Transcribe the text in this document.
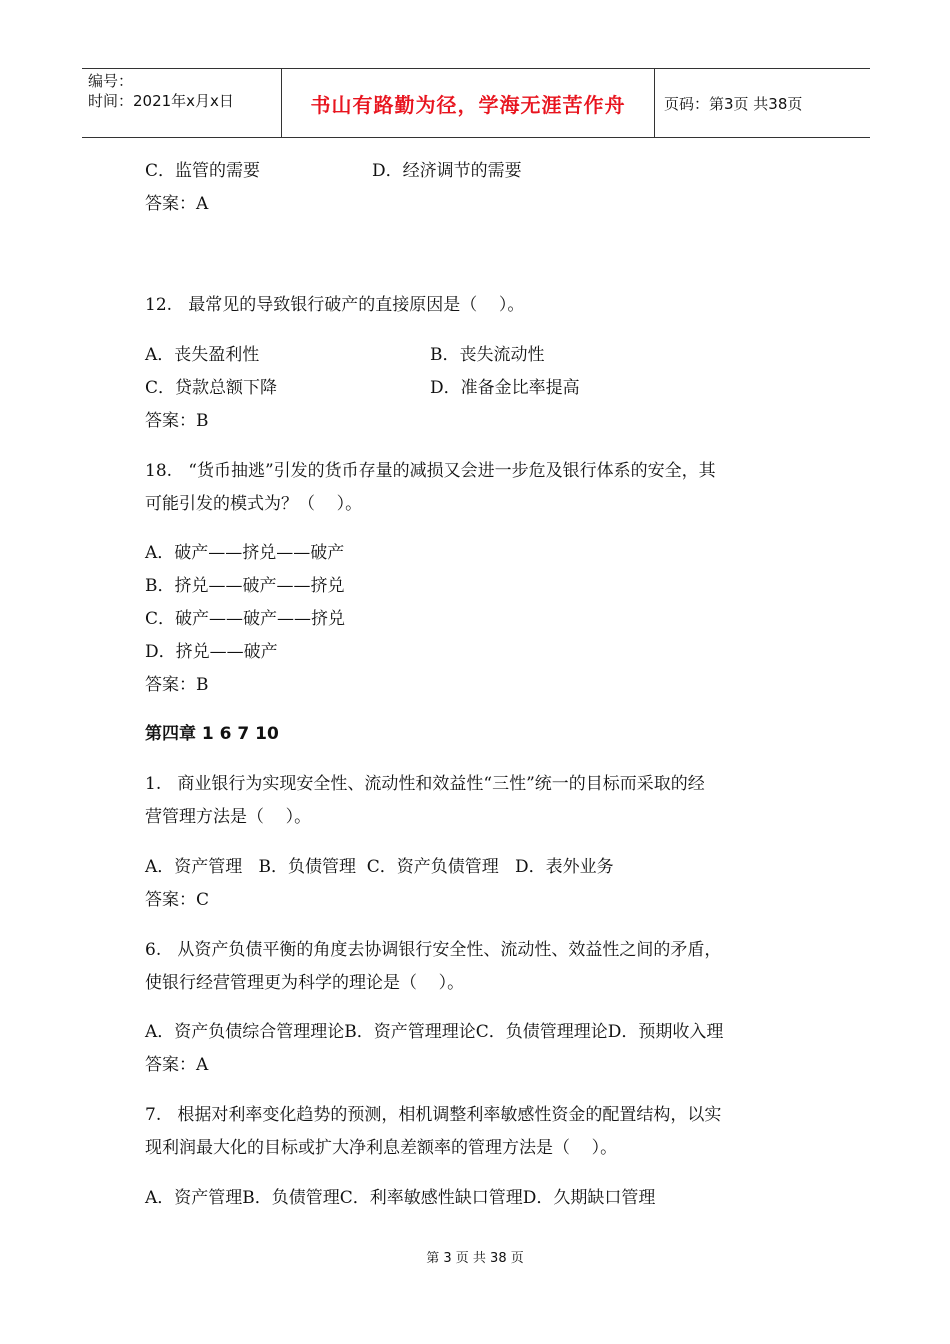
编号：
时间：2021年x月x日	书山有路勤为径，学海无涯苦作舟	页码：第3页 共38页
C．监管的需要	D．经济调节的需要
答案：A
12.   最常见的导致银行破产的直接原因是（    ）。
A．丧失盈利性	B．丧失流动性
C．贷款总额下降	D．准备金比率提高
答案：B
18.   “货币抽逃”引发的货币存量的减损又会进一步危及银行体系的安全，其
可能引发的模式为？（    ）。
A．破产——挤兑——破产
B．挤兑——破产——挤兑
C．破产——破产——挤兑
D．挤兑——破产
答案：B
第四章 1 6 7 10
1.   商业银行为实现安全性、流动性和效益性“三性”统一的目标而采取的经
营管理方法是（    ）。
A．资产管理   B．负债管理  C．资产负债管理   D．表外业务
答案：C
6.   从资产负债平衡的角度去协调银行安全性、流动性、效益性之间的矛盾，
使银行经营管理更为科学的理论是（    ）。
A．资产负债综合管理理论B．资产管理理论C．负债管理理论D．预期收入理
答案：A
7.   根据对利率变化趋势的预测，相机调整利率敏感性资金的配置结构，以实
现利润最大化的目标或扩大净利息差额率的管理方法是（    ）。
A．资产管理B．负债管理C．利率敏感性缺口管理D．久期缺口管理
第 3 页 共 38 页
